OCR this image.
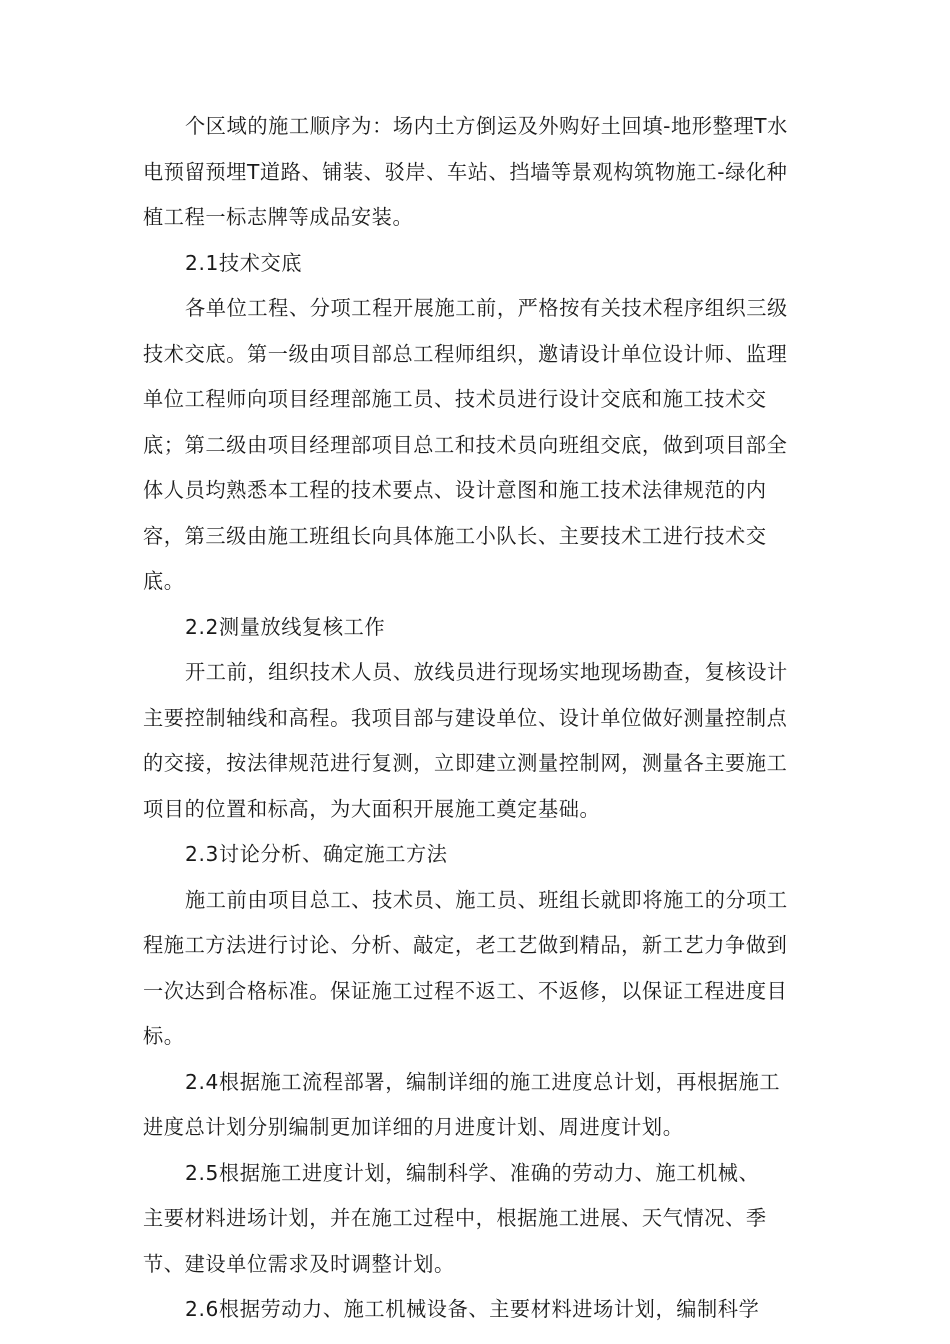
个区域的施工顺序为：场内土方倒运及外购好土回填-地形整理T水
电预留预埋T道路、铺装、驳岸、车站、挡墙等景观构筑物施工-绿化种
植工程一标志牌等成品安装。

2.1技术交底

各单位工程、分项工程开展施工前，严格按有关技术程序组织三级
技术交底。第一级由项目部总工程师组织，邀请设计单位设计师、监理
单位工程师向项目经理部施工员、技术员进行设计交底和施工技术交
底；第二级由项目经理部项目总工和技术员向班组交底，做到项目部全
体人员均熟悉本工程的技术要点、设计意图和施工技术法律规范的内
容，第三级由施工班组长向具体施工小队长、主要技术工进行技术交
底。

2.2测量放线复核工作

开工前，组织技术人员、放线员进行现场实地现场勘查，复核设计
主要控制轴线和高程。我项目部与建设单位、设计单位做好测量控制点
的交接，按法律规范进行复测，立即建立测量控制网，测量各主要施工
项目的位置和标高，为大面积开展施工奠定基础。

2.3讨论分析、确定施工方法

施工前由项目总工、技术员、施工员、班组长就即将施工的分项工
程施工方法进行讨论、分析、敲定，老工艺做到精品，新工艺力争做到
一次达到合格标准。保证施工过程不返工、不返修，以保证工程进度目
标。

2.4根据施工流程部署，编制详细的施工进度总计划，再根据施工
进度总计划分别编制更加详细的月进度计划、周进度计划。

2.5根据施工进度计划，编制科学、准确的劳动力、施工机械、
主要材料进场计划，并在施工过程中，根据施工进展、天气情况、季
节、建设单位需求及时调整计划。

2.6根据劳动力、施工机械设备、主要材料进场计划，编制科学
